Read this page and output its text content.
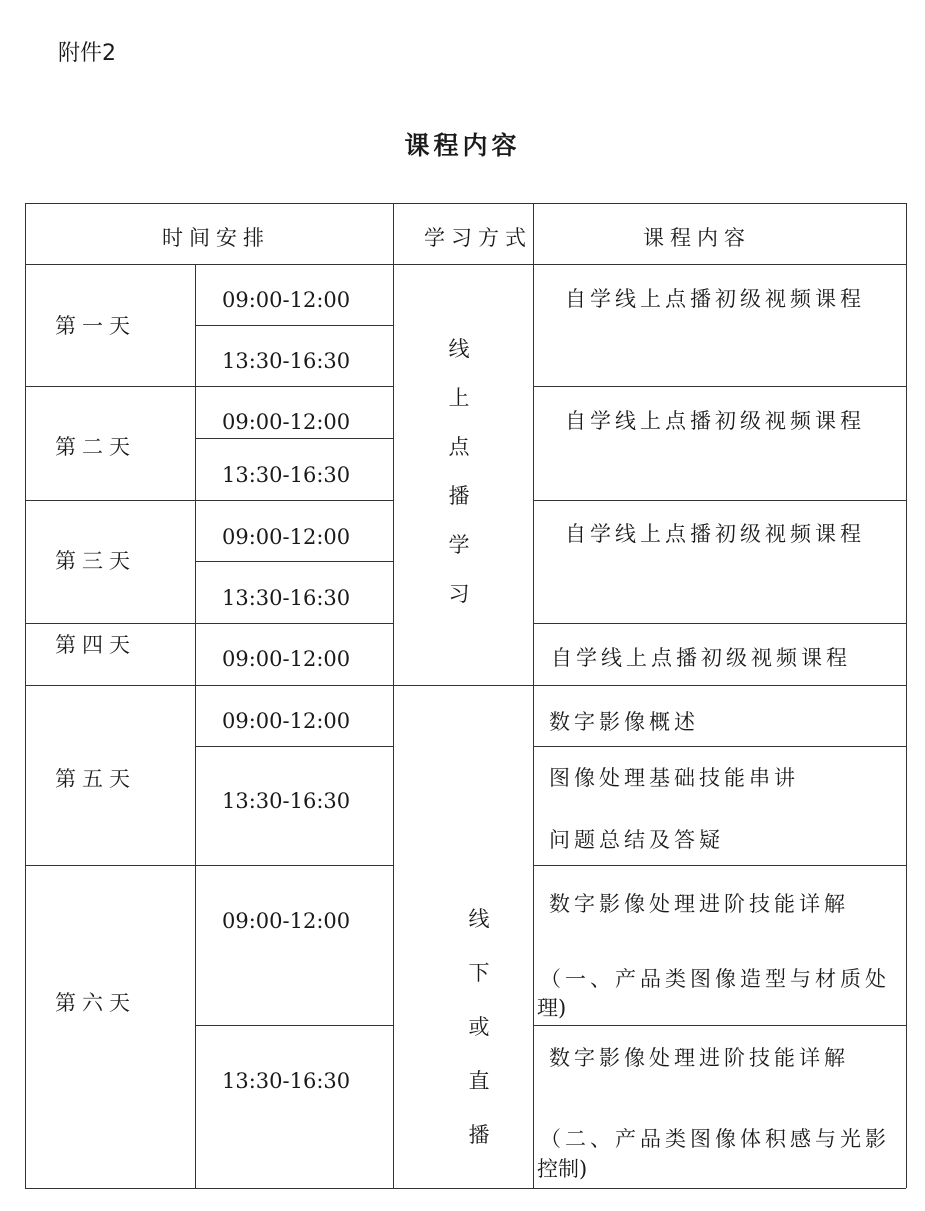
附件2
课程内容
时间安排	学习方式	课程内容
第一天
第二天
第三天
第四天
第五天
第六天
09:00-12:00
13:30-16:30
09:00-12:00
13:30-16:30
09:00-12:00
13:30-16:30
09:00-12:00
09:00-12:00
13:30-16:30
09:00-12:00
13:30-16:30
线
上
点
播
学
习
线
下
或
直
播
自学线上点播初级视频课程
自学线上点播初级视频课程
自学线上点播初级视频课程
自学线上点播初级视频课程
数字影像概述
图像处理基础技能串讲
问题总结及答疑
数字影像处理进阶技能详解
（一、产品类图像造型与材质处
理)
数字影像处理进阶技能详解
（二、产品类图像体积感与光影
控制)
